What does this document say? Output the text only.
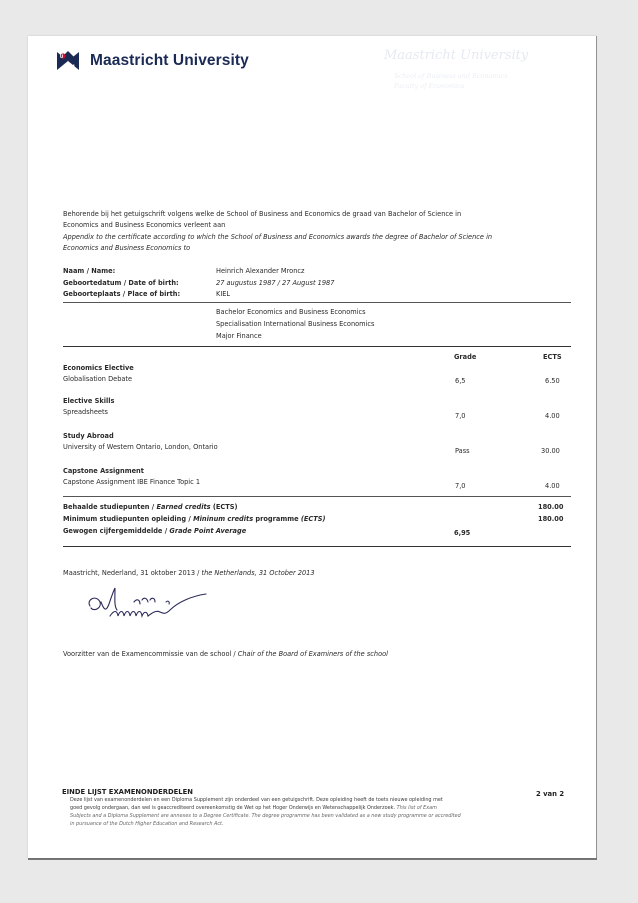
U
M Maastricht University	Maastricht University
School of Business and Economics
Faculty of Economics
Behorende bij het getuigschrift volgens welke de School of Business and Economics de graad van Bachelor of Science in
Economics and Business Economics verleent aan
Appendix to the certificate according to which the School of Business and Economics awards the degree of Bachelor of Science in
Economics and Business Economics to
Naam / Name:	Heinrich Alexander Mroncz
Geboortedatum / Date of birth:	27 augustus 1987 / 27 August 1987
Geboorteplaats / Place of birth:	KIEL
Bachelor Economics and Business Economics
Specialisation International Business Economics
Major Finance
Grade	ECTS
Economics Elective
Globalisation Debate	6,5	6.50
Elective Skills
Spreadsheets	7,0	4.00
Study Abroad
University of Western Ontario, London, Ontario	Pass	30.00
Capstone Assignment
Capstone Assignment IBE Finance Topic 1	7,0	4.00
Behaalde studiepunten / Earned credits (ECTS)	180.00
Minimum studiepunten opleiding / Mininum credits programme (ECTS)	180.00
Gewogen cijfergemiddelde / Grade Point Average	6,95
Maastricht, Nederland, 31 oktober 2013 / the Netherlands, 31 October 2013
Voorzitter van de Examencommissie van de school / Chair of the Board of Examiners of the school
EINDE LIJST EXAMENONDERDELEN	2 van 2
Deze lijst van examenonderdelen en een Diploma Supplement zijn onderdeel van een getuigschrift. Deze opleiding heeft de toets nieuwe opleiding met
goed gevolg ondergaan, dan wel is geaccrediteerd overeenkomstig de Wet op het Hoger Onderwijs en Wetenschappelijk Onderzoek. This list of Exam
Subjects and a Diploma Supplement are annexes to a Degree Certificate. The degree programme has been validated as a new study programme or accredited
in pursuance of the Dutch Higher Education and Research Act.
